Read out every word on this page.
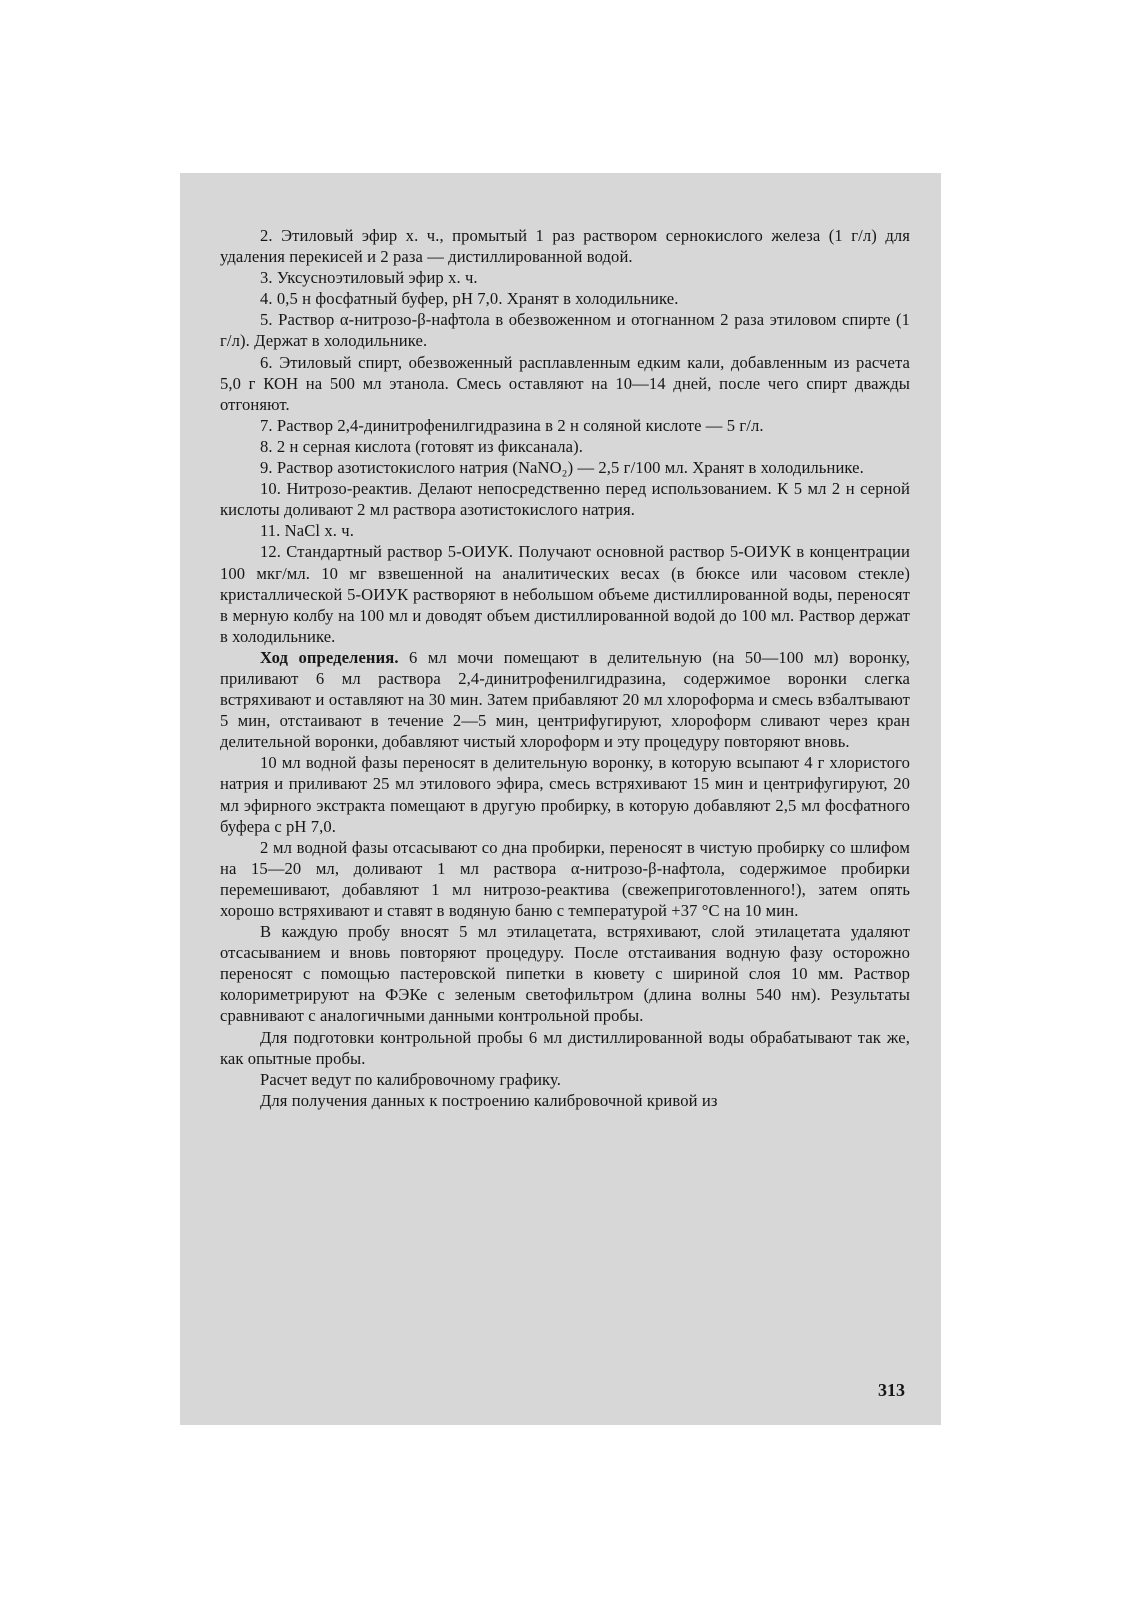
2. Этиловый эфир х. ч., промытый 1 раз раствором сернокислого железа (1 г/л) для удаления перекисей и 2 раза — дистиллированной водой.

3. Уксусноэтиловый эфир х. ч.

4. 0,5 н фосфатный буфер, pH 7,0. Хранят в холодильнике.

5. Раствор α-нитрозо-β-нафтола в обезвоженном и отогнанном 2 раза этиловом спирте (1 г/л). Держат в холодильнике.

6. Этиловый спирт, обезвоженный расплавленным едким кали, добавленным из расчета 5,0 г КОН на 500 мл этанола. Смесь оставляют на 10—14 дней, после чего спирт дважды отгоняют.

7. Раствор 2,4-динитрофенилгидразина в 2 н соляной кислоте — 5 г/л.

8. 2 н серная кислота (готовят из фиксанала).

9. Раствор азотистокислого натрия (NaNO₂) — 2,5 г/100 мл. Хранят в холодильнике.

10. Нитрозо-реактив. Делают непосредственно перед использованием. К 5 мл 2 н серной кислоты доливают 2 мл раствора азотистокислого натрия.

11. NaCl х. ч.

12. Стандартный раствор 5-ОИУК. Получают основной раствор 5-ОИУК в концентрации 100 мкг/мл. 10 мг взвешенной на аналитических весах (в бюксе или часовом стекле) кристаллической 5-ОИУК растворяют в небольшом объеме дистиллированной воды, переносят в мерную колбу на 100 мл и доводят объем дистиллированной водой до 100 мл. Раствор держат в холодильнике.

Ход определения. 6 мл мочи помещают в делительную (на 50—100 мл) воронку, приливают 6 мл раствора 2,4-динитрофенилгидразина, содержимое воронки слегка встряхивают и оставляют на 30 мин. Затем прибавляют 20 мл хлороформа и смесь взбалтывают 5 мин, отстаивают в течение 2—5 мин, центрифугируют, хлороформ сливают через кран делительной воронки, добавляют чистый хлороформ и эту процедуру повторяют вновь.

10 мл водной фазы переносят в делительную воронку, в которую всыпают 4 г хлористого натрия и приливают 25 мл этилового эфира, смесь встряхивают 15 мин и центрифугируют, 20 мл эфирного экстракта помещают в другую пробирку, в которую добавляют 2,5 мл фосфатного буфера с pH 7,0.

2 мл водной фазы отсасывают со дна пробирки, переносят в чистую пробирку со шлифом на 15—20 мл, доливают 1 мл раствора α-нитрозо-β-нафтола, содержимое пробирки перемешивают, добавляют 1 мл нитрозо-реактива (свежеприготовленного!), затем опять хорошо встряхивают и ставят в водяную баню с температурой +37 °С на 10 мин.

В каждую пробу вносят 5 мл этилацетата, встряхивают, слой этилацетата удаляют отсасыванием и вновь повторяют процедуру. После отстаивания водную фазу осторожно переносят с помощью пастеровской пипетки в кювету с шириной слоя 10 мм. Раствор колориметрируют на ФЭКе с зеленым светофильтром (длина волны 540 нм). Результаты сравнивают с аналогичными данными контрольной пробы.

Для подготовки контрольной пробы 6 мл дистиллированной воды обрабатывают так же, как опытные пробы.

Расчет ведут по калибровочному графику.

Для получения данных к построению калибровочной кривой из

313
